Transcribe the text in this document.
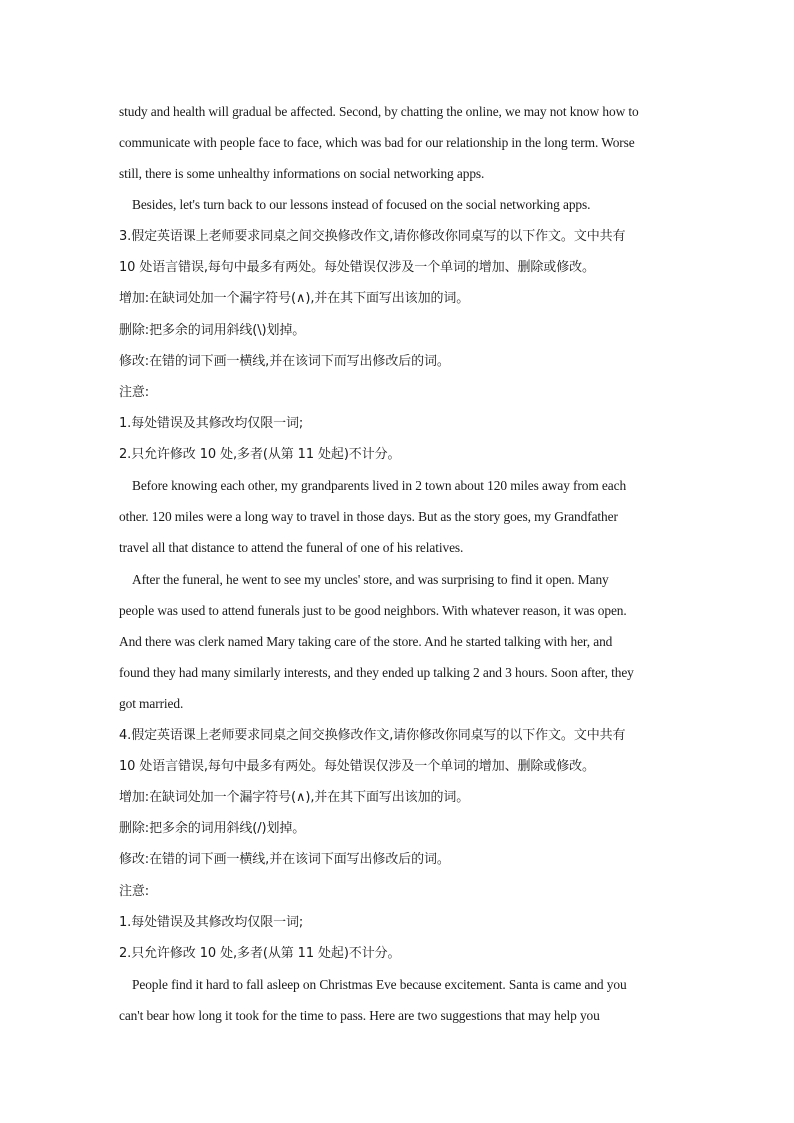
study and health will gradual be affected. Second, by chatting the online, we may not know how to
communicate with people face to face, which was bad for our relationship in the long term. Worse
still, there is some unhealthy informations on social networking apps.
Besides, let's turn back to our lessons instead of focused on the social networking apps.
3.假定英语课上老师要求同桌之间交换修改作文,请你修改你同桌写的以下作文。文中共有
10 处语言错误,每句中最多有两处。每处错误仅涉及一个单词的增加、删除或修改。
增加:在缺词处加一个漏字符号(∧),并在其下面写出该加的词。
删除:把多余的词用斜线(\)划掉。
修改:在错的词下画一横线,并在该词下而写出修改后的词。
注意:
1.每处错误及其修改均仅限一词;
2.只允许修改 10 处,多者(从第 11 处起)不计分。
Before knowing each other, my grandparents lived in 2 town about 120 miles away from each
other. 120 miles were a long way to travel in those days. But as the story goes, my Grandfather
travel all that distance to attend the funeral of one of his relatives.
After the funeral, he went to see my uncles' store, and was surprising to find it open. Many
people was used to attend funerals just to be good neighbors. With whatever reason, it was open.
And there was clerk named Mary taking care of the store. And he started talking with her, and
found they had many similarly interests, and they ended up talking 2 and 3 hours. Soon after, they
got married.
4.假定英语课上老师要求同桌之间交换修改作文,请你修改你同桌写的以下作文。文中共有
10 处语言错误,每句中最多有两处。每处错误仅涉及一个单词的增加、删除或修改。
增加:在缺词处加一个漏字符号(∧),并在其下面写出该加的词。
删除:把多余的词用斜线(/)划掉。
修改:在错的词下画一横线,并在该词下面写出修改后的词。
注意:
1.每处错误及其修改均仅限一词;
2.只允许修改 10 处,多者(从第 11 处起)不计分。
People find it hard to fall asleep on Christmas Eve because excitement. Santa is came and you
can't bear how long it took for the time to pass. Here are two suggestions that may help you
